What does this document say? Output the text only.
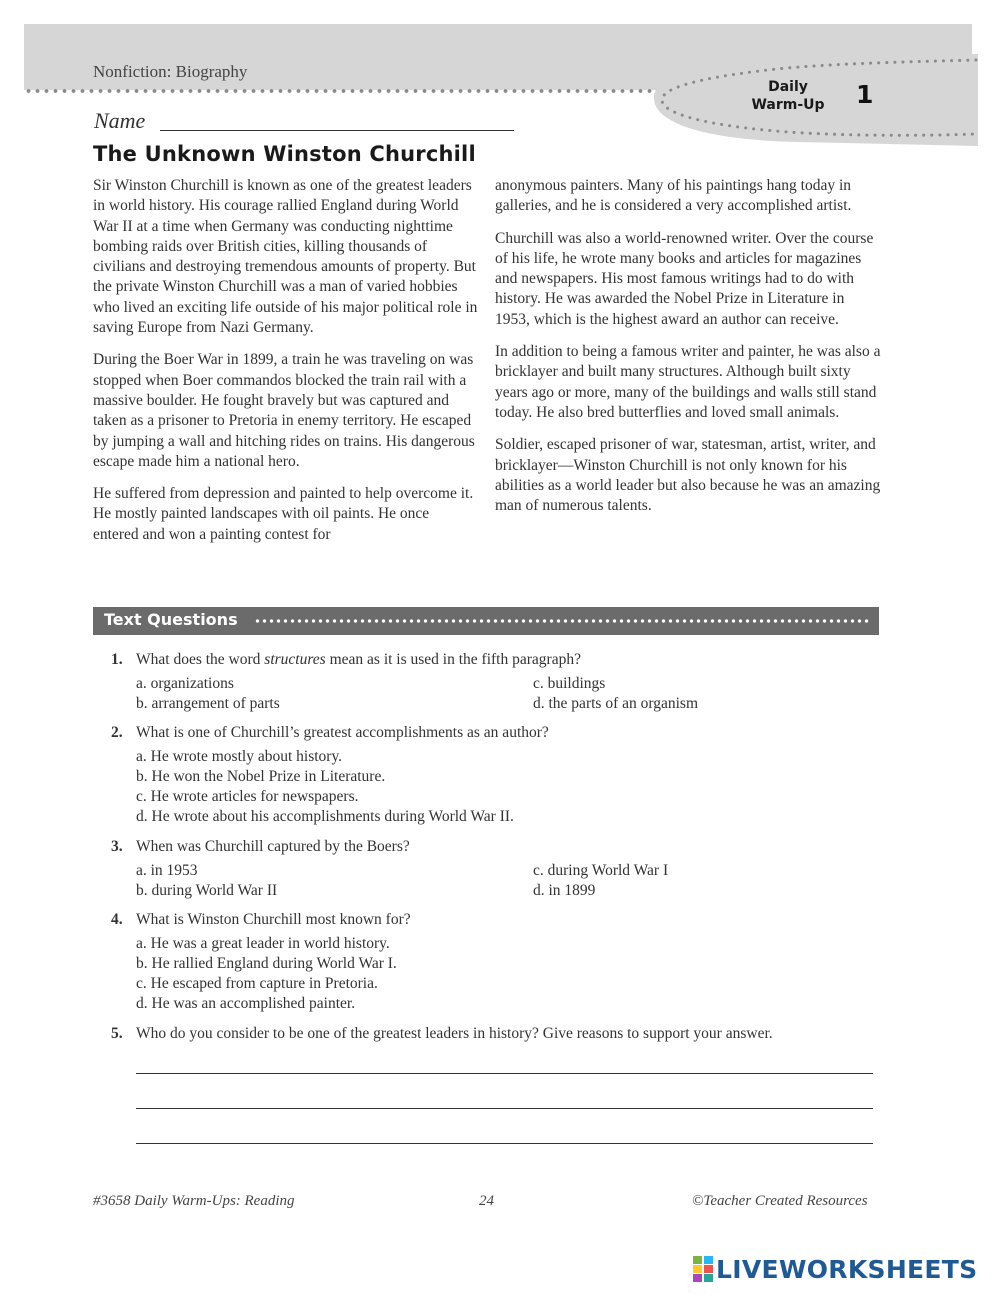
Nonfiction: Biography
Daily
Warm-Up	1
Name
The Unknown Winston Churchill

Sir Winston Churchill is known as one of the greatest leaders in world history. His courage rallied England during World War II at a time when Germany was conducting nighttime bombing raids over British cities, killing thousands of civilians and destroying tremendous amounts of property. But the private Winston Churchill was a man of varied hobbies who lived an exciting life outside of his major political role in saving Europe from Nazi Germany.

During the Boer War in 1899, a train he was traveling on was stopped when Boer commandos blocked the train rail with a massive boulder. He fought bravely but was captured and taken as a prisoner to Pretoria in enemy territory. He escaped by jumping a wall and hitching rides on trains. His dangerous escape made him a national hero.

He suffered from depression and painted to help overcome it. He mostly painted landscapes with oil paints. He once entered and won a painting contest for

anonymous painters. Many of his paintings hang today in galleries, and he is considered a very accomplished artist.

Churchill was also a world-renowned writer. Over the course of his life, he wrote many books and articles for magazines and newspapers. His most famous writings had to do with history. He was awarded the Nobel Prize in Literature in 1953, which is the highest award an author can receive.

In addition to being a famous writer and painter, he was also a bricklayer and built many structures. Although built sixty years ago or more, many of the buildings and walls still stand today. He also bred butterflies and loved small animals.

Soldier, escaped prisoner of war, statesman, artist, writer, and bricklayer—Winston Churchill is not only known for his abilities as a world leader but also because he was an amazing man of numerous talents.

Text Questions
1. What does the word structures mean as it is used in the fifth paragraph?
a. organizations
b. arrangement of parts
c. buildings
d. the parts of an organism
2. What is one of Churchill’s greatest accomplishments as an author?
a. He wrote mostly about history.
b. He won the Nobel Prize in Literature.
c. He wrote articles for newspapers.
d. He wrote about his accomplishments during World War II.
3. When was Churchill captured by the Boers?
a. in 1953
b. during World War II
c. during World War I
d. in 1899
4. What is Winston Churchill most known for?
a. He was a great leader in world history.
b. He rallied England during World War I.
c. He escaped from capture in Pretoria.
d. He was an accomplished painter.
5. Who do you consider to be one of the greatest leaders in history? Give reasons to support your answer.
#3658 Daily Warm-Ups: Reading	24	©Teacher Created Resources
LIVEWORKSHEETS
